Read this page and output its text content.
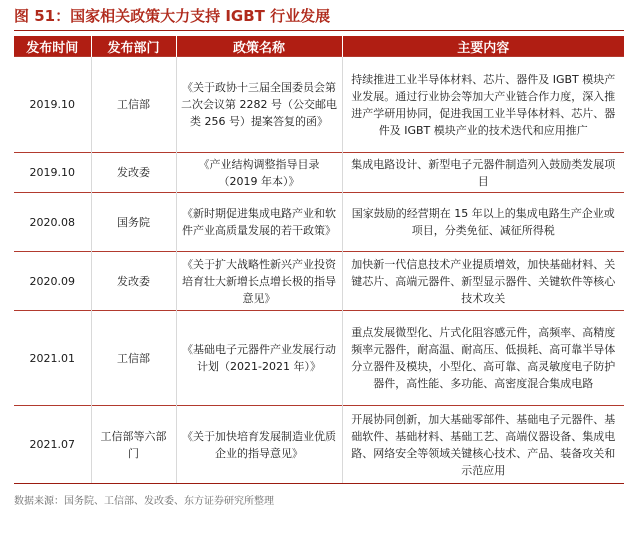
图 51：国家相关政策大力支持 IGBT 行业发展
发布时间	发布部门	政策名称	主要内容
2019.10	工信部	《关于政协十三届全国委员会第二次会议第 2282 号（公交邮电类 256 号）提案答复的函》	持续推进工业半导体材料、芯片、器件及 IGBT 模块产业发展。通过行业协会等加大产业链合作力度，深入推进产学研用协同，促进我国工业半导体材料、芯片、器件及 IGBT 模块产业的技术迭代和应用推广
2019.10	发改委	《产业结构调整指导目录（2019 年本）》	集成电路设计、新型电子元器件制造列入鼓励类发展项目
2020.08	国务院	《新时期促进集成电路产业和软件产业高质量发展的若干政策》	国家鼓励的经营期在 15 年以上的集成电路生产企业或项目，分类免征、减征所得税
2020.09	发改委	《关于扩大战略性新兴产业投资培育壮大新增长点增长极的指导意见》	加快新一代信息技术产业提质增效，加快基础材料、关键芯片、高端元器件、新型显示器件、关键软件等核心技术攻关
2021.01	工信部	《基础电子元器件产业发展行动计划（2021-2021 年）》	重点发展微型化、片式化阻容感元件，高频率、高精度频率元器件，耐高温、耐高压、低损耗、高可靠半导体分立器件及模块，小型化、高可靠、高灵敏度电子防护器件，高性能、多功能、高密度混合集成电路
2021.07	工信部等六部门	《关于加快培育发展制造业优质企业的指导意见》	开展协同创新，加大基础零部件、基础电子元器件、基础软件、基础材料、基础工艺、高端仪器设备、集成电路、网络安全等领域关键核心技术、产品、装备攻关和示范应用
数据来源：国务院、工信部、发改委、东方证券研究所整理
